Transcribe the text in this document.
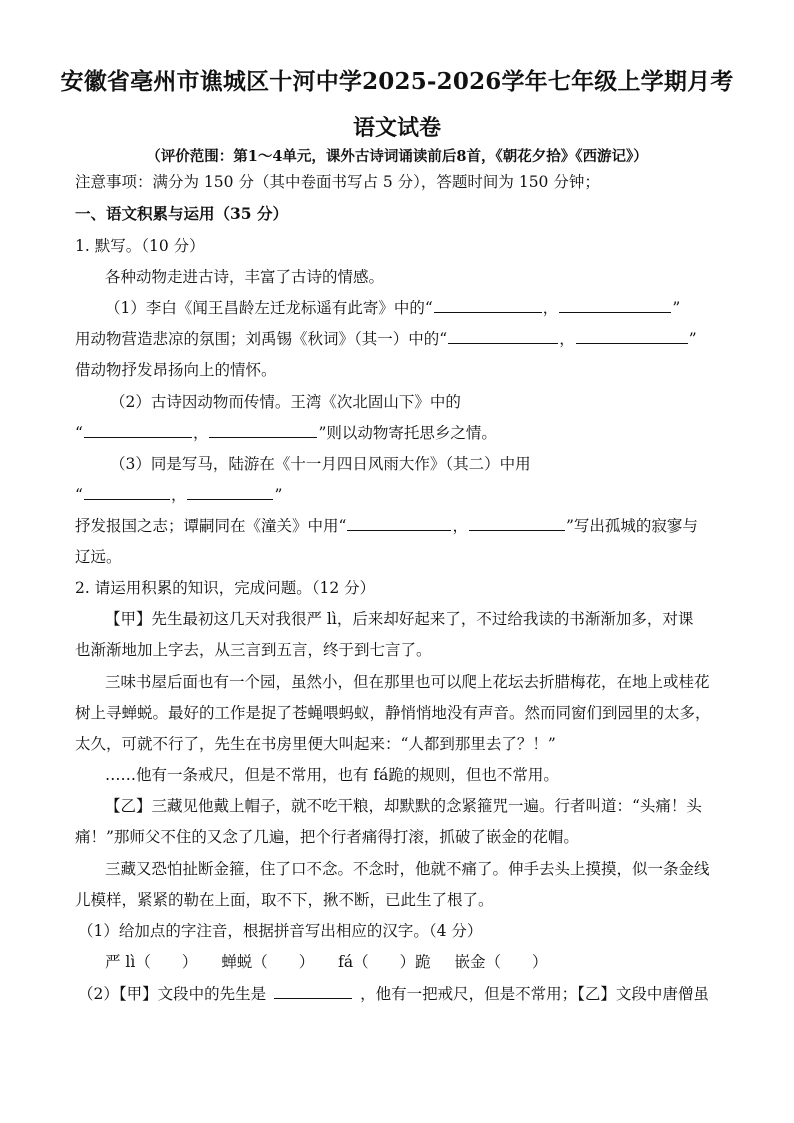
安徽省亳州市谯城区十河中学2025-2026学年七年级上学期月考
语文试卷
（评价范围：第1～4单元，课外古诗词诵读前后8首，《朝花夕拾》《西游记》）
注意事项：满分为 150 分（其中卷面书写占 5 分），答题时间为 150 分钟；
一、语文积累与运用（35 分）
1. 默写。（10 分）
各种动物走进古诗，丰富了古诗的情感。
（1）李白《闻王昌龄左迁龙标遥有此寄》中的“	，	”
用动物营造悲凉的氛围；刘禹锡《秋词》（其一）中的“	，	”
借动物抒发昂扬向上的情怀。
（2）古诗因动物而传情。王湾《次北固山下》中的
“	，	”则以动物寄托思乡之情。
（3）同是写马，陆游在《十一月四日风雨大作》（其二）中用
“	，	”
抒发报国之志；谭嗣同在《潼关》中用“	，	”写出孤城的寂寥与
辽远。
2. 请运用积累的知识，完成问题。（12 分）
【甲】先生最初这几天对我很严 lì，后来却好起来了，不过给我读的书渐渐加多，对课
也渐渐地加上字去，从三言到五言，终于到七言了。
三味书屋后面也有一个园，虽然小，但在那里也可以爬上花坛去折腊梅花，在地上或桂花
树上寻蝉蜕。最好的工作是捉了苍蝇喂蚂蚁，静悄悄地没有声音。然而同窗们到园里的太多，
太久，可就不行了，先生在书房里便大叫起来：“人都到那里去了？！”
……他有一条戒尺，但是不常用，也有 fá跪的规则，但也不常用。
【乙】三藏见他戴上帽子，就不吃干粮，却默默的念紧箍咒一遍。行者叫道：“头痛！头
痛！”那师父不住的又念了几遍，把个行者痛得打滚，抓破了嵌金的花帽。
三藏又恐怕扯断金箍，住了口不念。不念时，他就不痛了。伸手去头上摸摸，似一条金线
儿模样，紧紧的勒在上面，取不下，揪不断，已此生了根了。
（1）给加点的字注音，根据拼音写出相应的汉字。（4 分）
严 lì（　　） 蝉蜕（　　） fá（　　）跪 嵌金（　　）
（2）【甲】文段中的先生是	，他有一把戒尺，但是不常用；【乙】文段中唐僧虽
